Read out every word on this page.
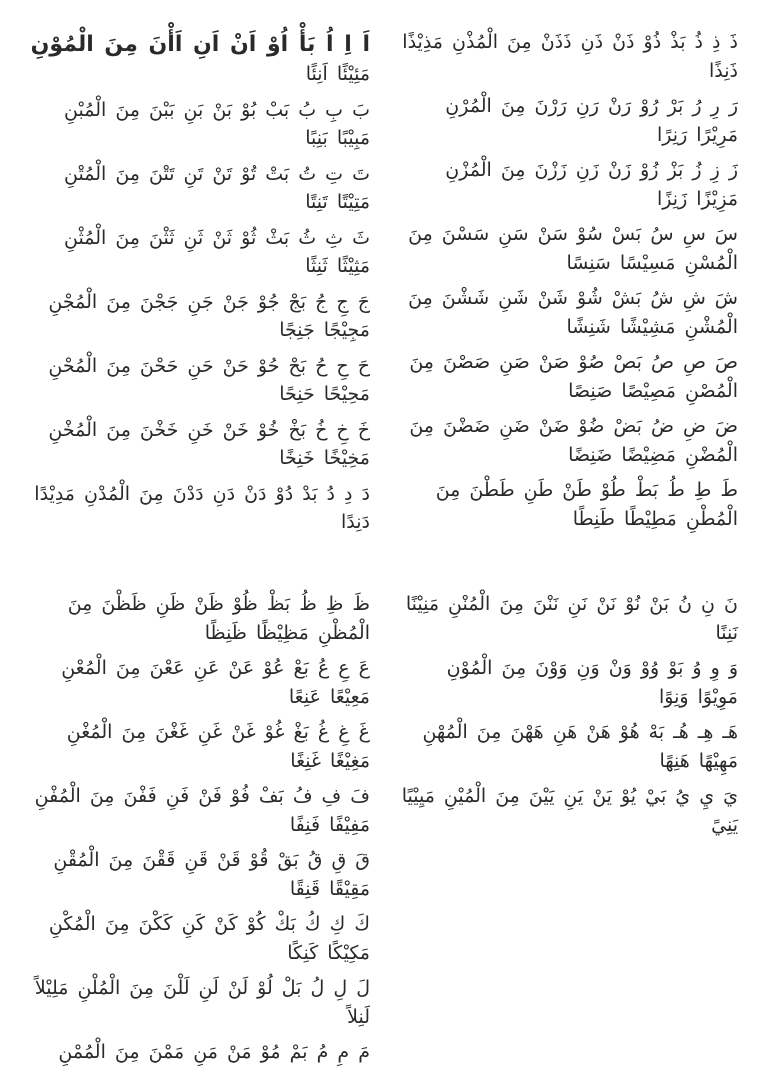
ذَ ذِ ذُ بَذْ ذُوْ ذَنْ ذَنِ ذَذَنْ مِنَ الْمُذْنِ مَذِيْذًا ذَنِذًا
رَ رِ رُ بَرْ رُوْ رَنْ رَنِ رَرْنَ مِنَ الْمُرْنِ مَرِيْرًا رَنِرًا
زَ زِ زُ بَزْ زُوْ زَنْ زَنِ زَزْنَ مِنَ الْمُزْنِ مَزِيْزًا زَنِزًا
سَ سِ سُ بَسْ سُوْ سَنْ سَنِ سَسْنَ مِنَ الْمُسْنِ مَسِيْسًا سَنِسًا
شَ شِ شُ بَشْ شُوْ شَنْ شَنِ شَشْنَ مِنَ الْمُشْنِ مَشِيْشًا شَنِشًا
صَ صِ صُ بَصْ صُوْ صَنْ صَنِ صَصْنَ مِنَ الْمُصْنِ مَصِيْصًا صَنِصًا
ضَ ضِ ضُ بَضْ ضُوْ ضَنْ ضَنِ ضَضْنَ مِنَ الْمُضْنِ مَضِيْضًا ضَنِضًا
طَ طِ طُ بَطْ طُوْ طَنْ طَنِ طَطْنَ مِنَ الْمُطْنِ مَطِيْطًا طَنِطًا
اَ اِ اُ بَأْ اُوْ اَنْ اَنِ اَأْنَ مِنَ الْمُوْنِ
مَئِيْئًا اَنِئًا
بَ بِ بُ بَبْ بُوْ بَنْ بَنِ بَبْنَ مِنَ الْمُبْنِ مَبِيْبًا بَنِبًا
تَ تِ تُ بَتْ تُوْ تَنْ تَنِ تَتْنَ مِنَ الْمُتْنِ مَتِيْتًا تَنِتًا
ثَ ثِ ثُ بَثْ ثُوْ ثَنْ ثَنِ ثَثْنَ مِنَ الْمُثْنِ مَثِيْثًا ثَنِثًا
جَ جِ جُ بَجْ جُوْ جَنْ جَنِ جَجْنَ مِنَ الْمُجْنِ مَجِيْجًا جَنِجًا
حَ حِ حُ بَحْ حُوْ حَنْ حَنِ حَحْنَ مِنَ الْمُحْنِ مَحِيْحًا حَنِحًا
خَ خِ خُ بَخْ خُوْ خَنْ خَنِ خَخْنَ مِنَ الْمُخْنِ مَخِيْخًا خَنِخًا
دَ دِ دُ بَدْ دُوْ دَنْ دَنِ دَدْنَ مِنَ الْمُدْنِ مَدِيْدًا دَنِدًا
نَ نِ نُ بَنْ نُوْ نَنْ نَنِ نَنْنَ مِنَ الْمُنْنِ مَنِيْنًا نَنِنًا
وَ وِ وُ بَوْ وُوْ وَنْ وَنِ وَوْنَ مِنَ الْمُوْنِ مَوِيْوًا وَنِوًا
هَـ هِـ هُـ بَهْ هُوْ هَنْ هَنِ هَهْنَ مِنَ الْمُهْنِ مَهِيْهًا هَنِهًا
يَ يِ يُ بَيْ يُوْ يَنْ يَنِ يَيْنَ مِنَ الْمُيْنِ مَيِيْيًا يَنِيً
ظَ ظِ ظُ بَظْ ظُوْ ظَنْ ظَنِ ظَظْنَ مِنَ الْمُظْنِ مَظِيْظًا ظَنِظًا
عَ عِ عُ بَعْ عُوْ عَنْ عَنِ عَعْنَ مِنَ الْمُعْنِ مَعِيْعًا عَنِعًا
غَ غِ غُ بَغْ غُوْ غَنْ غَنِ غَغْنَ مِنَ الْمُغْنِ مَغِيْغًا غَنِغًا
فَ فِ فُ بَفْ فُوْ فَنْ فَنِ فَفْنَ مِنَ الْمُفْنِ مَفِيْفًا فَنِفًا
قَ قِ قُ بَقْ قُوْ قَنْ قَنِ قَقْنَ مِنَ الْمُقْنِ مَقِيْقًا قَنِقًا
كَ كِ كُ بَكْ كُوْ كَنْ كَنِ كَكْنَ مِنَ الْمُكْنِ مَكِيْكًا كَنِكًا
لَ لِ لُ بَلْ لُوْ لَنْ لَنِ لَلْنَ مِنَ الْمُلْنِ مَلِيْلاً لَنِلاً
مَ مِ مُ بَمْ مُوْ مَنْ مَنِ مَمْنَ مِنَ الْمُمْنِ
